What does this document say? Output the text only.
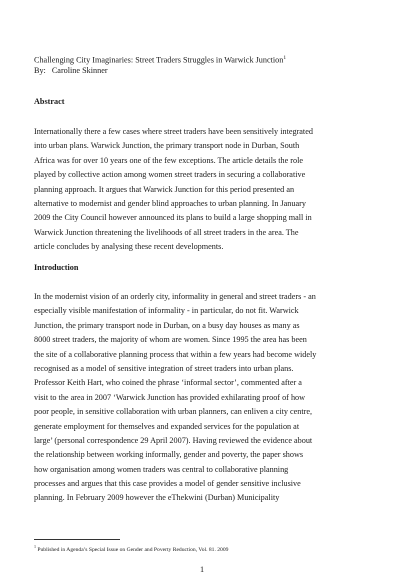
Challenging City Imaginaries: Street Traders Struggles in Warwick Junction$^1$
By: Caroline Skinner
Abstract
Internationally there a few cases where street traders have been sensitively integrated
into urban plans. Warwick Junction, the primary transport node in Durban, South
Africa was for over 10 years one of the few exceptions. The article details the role
played by collective action among women street traders in securing a collaborative
planning approach. It argues that Warwick Junction for this period presented an
alternative to modernist and gender blind approaches to urban planning. In January
2009 the City Council however announced its plans to build a large shopping mall in
Warwick Junction threatening the livelihoods of all street traders in the area. The
article concludes by analysing these recent developments.
Introduction
In the modernist vision of an orderly city, informality in general and street traders - an
especially visible manifestation of informality - in particular, do not fit. Warwick
Junction, the primary transport node in Durban, on a busy day houses as many as
8000 street traders, the majority of whom are women. Since 1995 the area has been
the site of a collaborative planning process that within a few years had become widely
recognised as a model of sensitive integration of street traders into urban plans.
Professor Keith Hart, who coined the phrase ‘informal sector’, commented after a
visit to the area in 2007 ‘Warwick Junction has provided exhilarating proof of how
poor people, in sensitive collaboration with urban planners, can enliven a city centre,
generate employment for themselves and expanded services for the population at
large’ (personal correspondence 29 April 2007). Having reviewed the evidence about
the relationship between working informally, gender and poverty, the paper shows
how organisation among women traders was central to collaborative planning
processes and argues that this case provides a model of gender sensitive inclusive
planning. In February 2009 however the eThekwini (Durban) Municipality
$^1$ Published in Agenda’s Special Issue on Gender and Poverty Reduction, Vol. 81. 2009
1
